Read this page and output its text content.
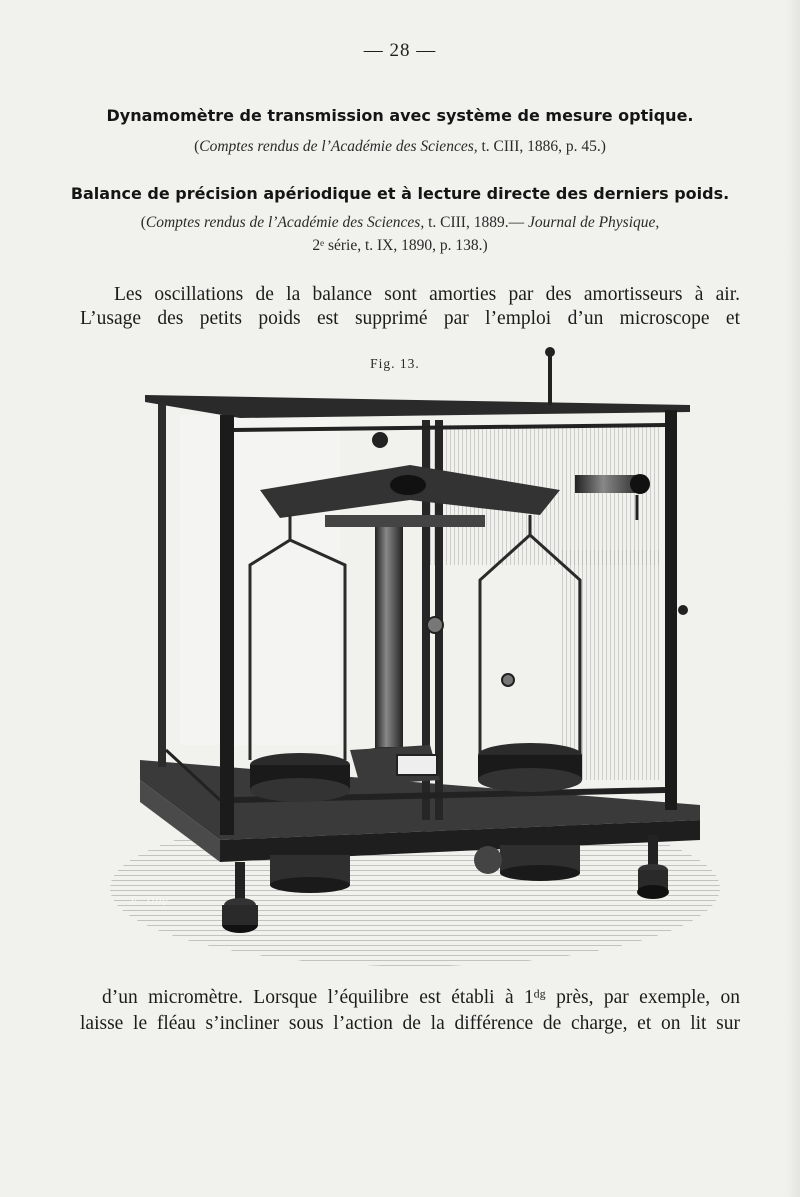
— 28 —
Dynamomètre de transmission avec système de mesure optique.
(Comptes rendus de l’Académie des Sciences, t. CIII, 1886, p. 45.)
Balance de précision apériodique et à lecture directe des derniers poids.
(Comptes rendus de l’Académie des Sciences, t. CIII, 1889.— Journal de Physique,
2ᵉ série, t. IX, 1890, p. 138.)
Les oscillations de la balance sont amorties par des amortisseurs à air.
L’usage des petits poids est supprimé par l’emploi d’un microscope et
Fig. 13.
E. Tilly
d’un micromètre. Lorsque l’équilibre est établi à 1ᵈᵍ près, par exemple, on
laisse le fléau s’incliner sous l’action de la différence de charge, et on lit sur
